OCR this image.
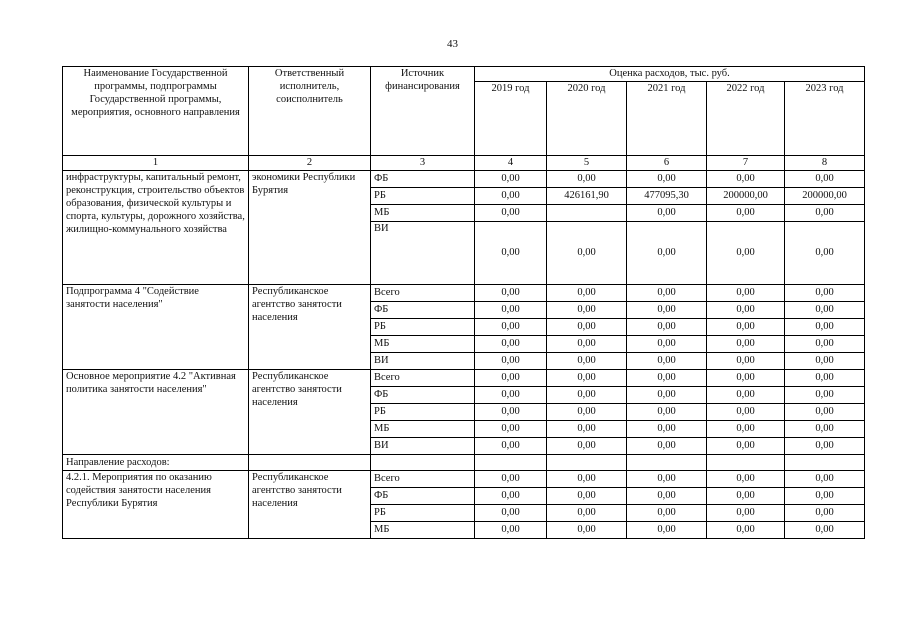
43
Наименование Государственной программы, подпрограммы Государственной программы, мероприятия, основного направления	Ответственный исполнитель, соисполнитель	Источник финансирования	Оценка расходов, тыс. руб.				
			2019 год	2020 год	2021 год	2022 год	2023 год
1	2	3	4	5	6	7	8
инфраструктуры, капитальный ремонт, реконструкция, строительство объектов образования, физической культуры и спорта, культуры, дорожного хозяйства, жилищно-коммунального хозяйства	экономики Республики Бурятия	ФБ	0,00	0,00	0,00	0,00	0,00
		РБ	0,00	426161,90	477095,30	200000,00	200000,00
		МБ	0,00		0,00	0,00	0,00
		ВИ	0,00	0,00	0,00	0,00	0,00
Подпрограмма 4 "Содействие занятости населения"	Республиканское агентство занятости населения	Всего	0,00	0,00	0,00	0,00	0,00
		ФБ	0,00	0,00	0,00	0,00	0,00
		РБ	0,00	0,00	0,00	0,00	0,00
		МБ	0,00	0,00	0,00	0,00	0,00
		ВИ	0,00	0,00	0,00	0,00	0,00
Основное мероприятие 4.2 "Активная политика занятости населения"	Республиканское агентство занятости населения	Всего	0,00	0,00	0,00	0,00	0,00
		ФБ	0,00	0,00	0,00	0,00	0,00
		РБ	0,00	0,00	0,00	0,00	0,00
		МБ	0,00	0,00	0,00	0,00	0,00
		ВИ	0,00	0,00	0,00	0,00	0,00
Направление расходов:							
4.2.1. Мероприятия по оказанию содействия занятости населения Республики Бурятия	Республиканское агентство занятости населения	Всего	0,00	0,00	0,00	0,00	0,00
		ФБ	0,00	0,00	0,00	0,00	0,00
		РБ	0,00	0,00	0,00	0,00	0,00
		МБ	0,00	0,00	0,00	0,00	0,00
